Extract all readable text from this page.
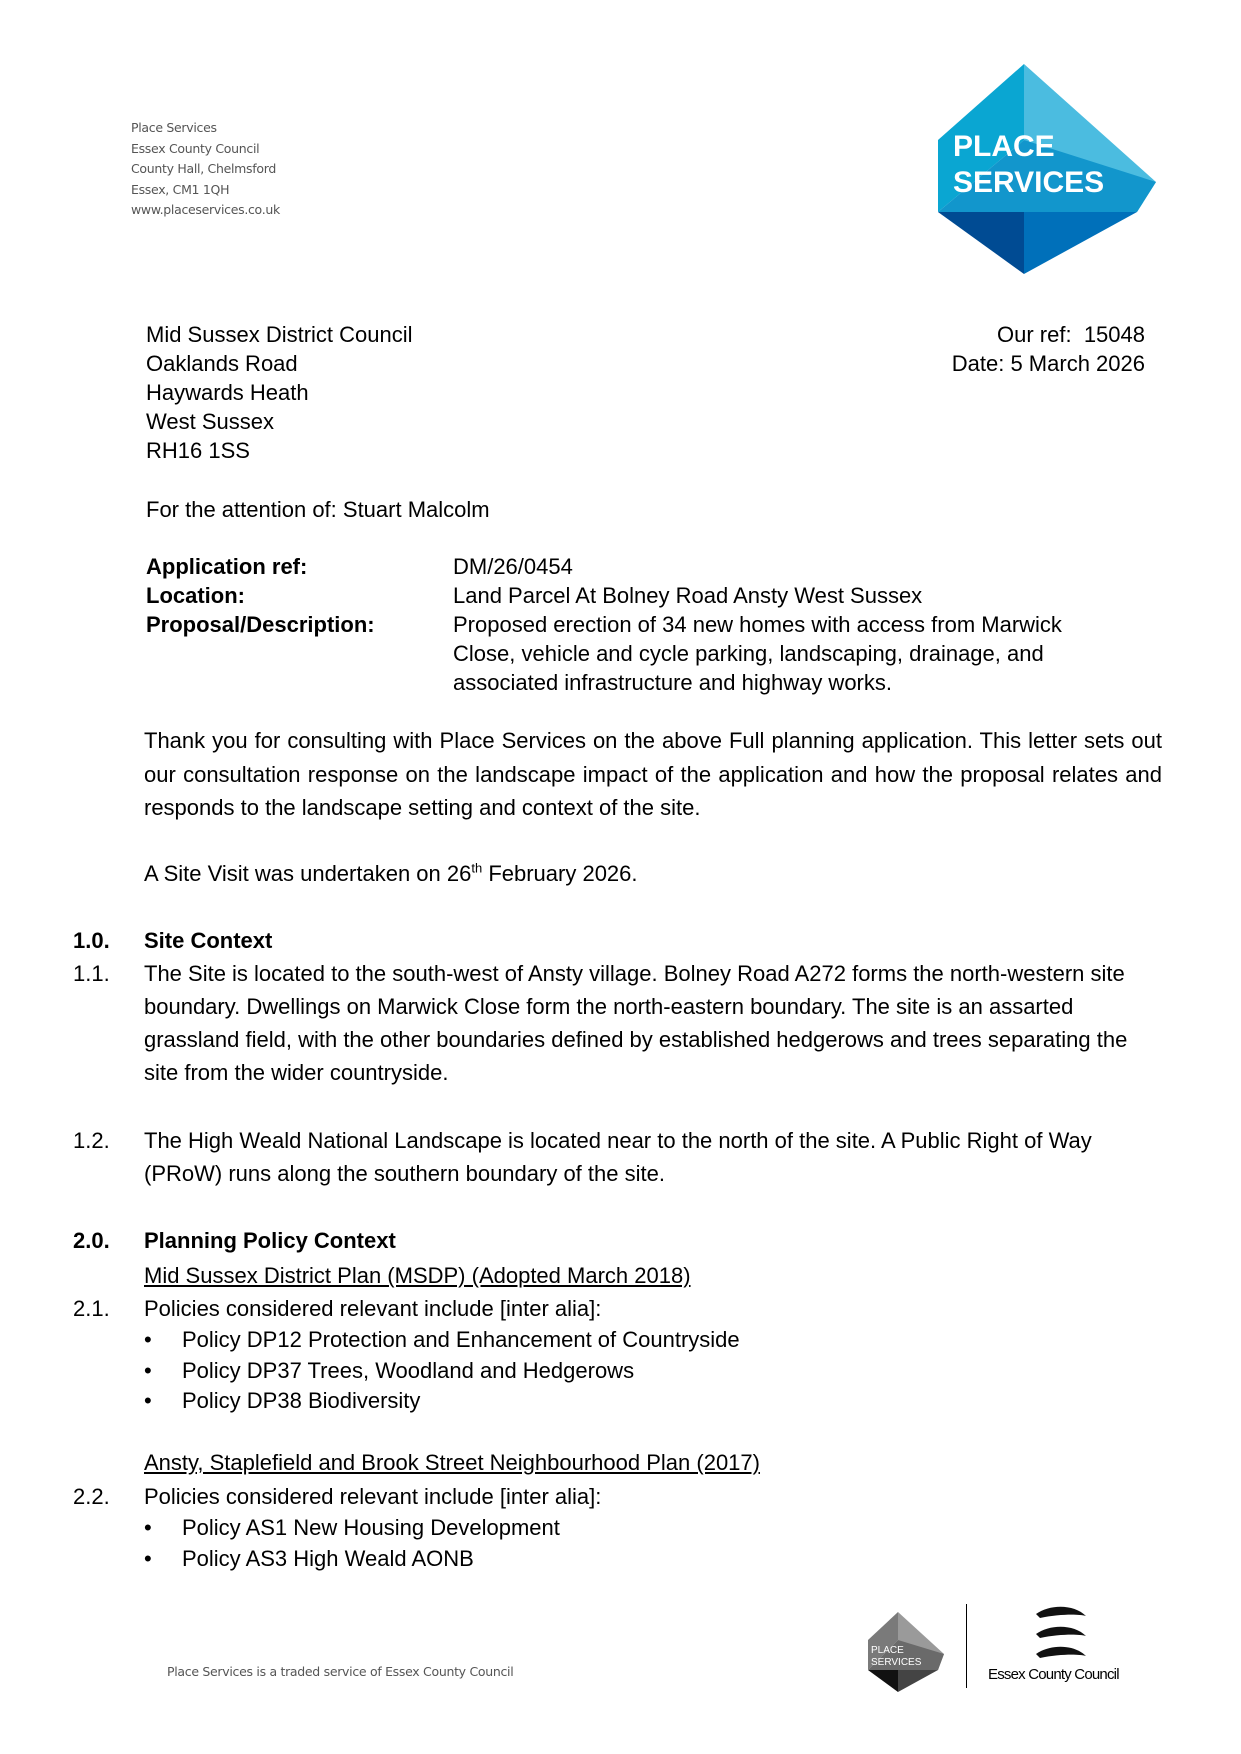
Place Services
Essex County Council
County Hall, Chelmsford
Essex, CM1 1QH
www.placeservices.co.uk
PLACE
SERVICES
Mid Sussex District Council
Oaklands Road
Haywards Heath
West Sussex
RH16 1SS
Our ref:  15048
Date: 5 March 2026
For the attention of: Stuart Malcolm
Application ref:	DM/26/0454
Location:	Land Parcel At Bolney Road Ansty West Sussex
Proposal/Description:	Proposed erection of 34 new homes with access from Marwick Close, vehicle and cycle parking, landscaping, drainage, and associated infrastructure and highway works.
Thank you for consulting with Place Services on the above Full planning application. This letter sets out our consultation response on the landscape impact of the application and how the proposal relates and responds to the landscape setting and context of the site.
A Site Visit was undertaken on 26th February 2026.
1.0. Site Context
1.1. The Site is located to the south-west of Ansty village. Bolney Road A272 forms the north-western site boundary. Dwellings on Marwick Close form the north-eastern boundary. The site is an assarted grassland field, with the other boundaries defined by established hedgerows and trees separating the site from the wider countryside.
1.2. The High Weald National Landscape is located near to the north of the site. A Public Right of Way (PRoW) runs along the southern boundary of the site.
2.0. Planning Policy Context
Mid Sussex District Plan (MSDP) (Adopted March 2018)
2.1. Policies considered relevant include [inter alia]:
• Policy DP12 Protection and Enhancement of Countryside
• Policy DP37 Trees, Woodland and Hedgerows
• Policy DP38 Biodiversity
Ansty, Staplefield and Brook Street Neighbourhood Plan (2017)
2.2. Policies considered relevant include [inter alia]:
• Policy AS1 New Housing Development
• Policy AS3 High Weald AONB
Place Services is a traded service of Essex County Council
PLACE
SERVICES
Essex County Council
